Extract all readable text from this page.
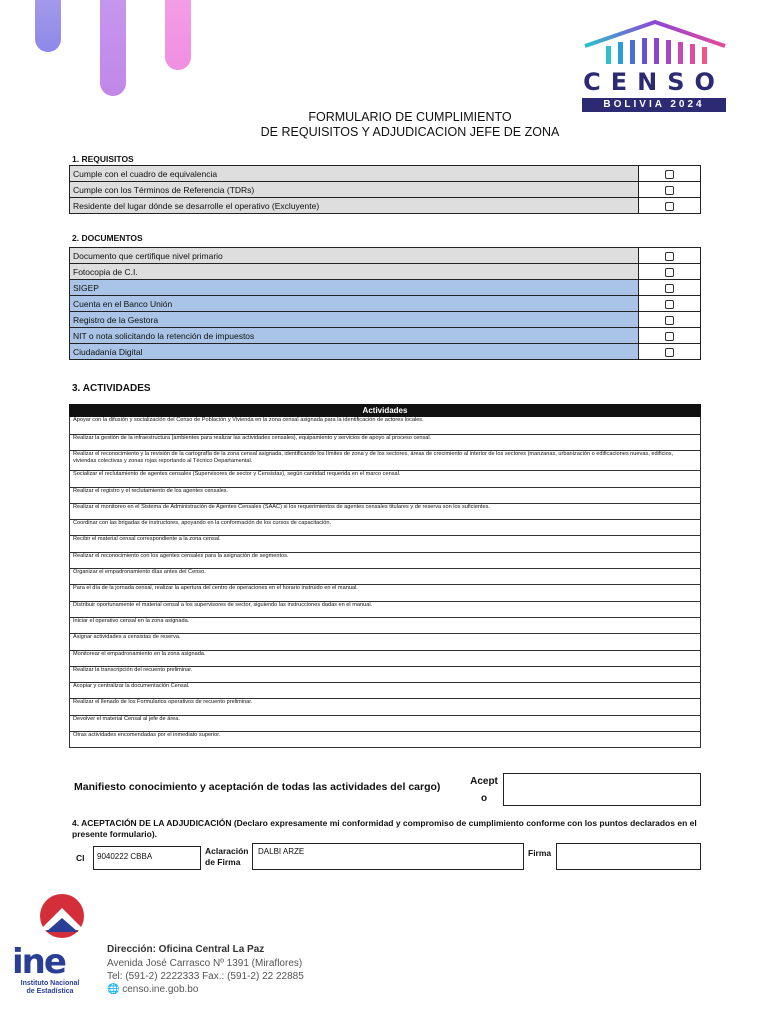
CENSO
BOLIVIA 2024
FORMULARIO DE CUMPLIMIENTO
DE REQUISITOS Y ADJUDICACION JEFE DE ZONA
1. REQUISITOS
Cumple con el cuadro de equivalencia	
Cumple con los Términos de Referencia (TDRs)	
Residente del lugar dónde se desarrolle el operativo (Excluyente)	
2. DOCUMENTOS
Documento que certifique nivel primario	
Fotocopia de C.I.	
SIGEP	
Cuenta en el Banco Unión	
Registro de la Gestora	
NIT o nota solicitando la retención de impuestos	
Ciudadanía Digital	
3. ACTIVIDADES
Actividades
Apoyar con la difusión y socialización del Censo de Población y Vivienda en la zona censal asignada para la identificación de actores locales.
Realizar la gestión de la infraestructura (ambientes para realizar las actividades censales), equipamiento y servicios de apoyo al proceso censal.
Realizar el reconocimiento y la revisión de la cartografía de la zona censal asignada, identificando los límites de zona y de los sectores, áreas de crecimiento al interior de los sectores (manzanas, urbanización o edificaciones nuevas, edificios, viviendas colectivas y zonas rojas reportando al Técnico Departamental.
Socializar el reclutamiento de agentes censales (Supervisores de sector y Censistas), según cantidad requerida en el marco censal.
Realizar el registro y el reclutamiento de los agentes censales.
Realizar el monitoreo en el Sistema de Administración de Agentes Censales (SAAC) si los requerimientos de agentes censales titulares y de reserva son los suficientes.
Coordinar con las brigadas de instructores, apoyando en la conformación de los cursos de capacitación.
Recibir el material censal correspondiente a la zona censal.
Realizar el reconocimiento con los agentes censales para la asignación de segmentos.
Organizar el empadronamiento días antes del Censo.
Para el día de la jornada censal, realizar la apertura del centro de operaciones en el horario instruido en el manual.
Distribuir oportunamente el material censal a los supervisores de sector, siguiendo las instrucciones dadas en el manual.
Iniciar el operativo censal en la zona asignada.
Asignar actividades a censistas de reserva.
Monitorear el empadronamiento en la zona asignada.
Realizar la transcripción del recuento preliminar.
Acopiar y centralizar la documentación Censal.
Realizar el llenado de los Formularios operativos de recuento preliminar.
Devolver el material Censal al jefe de área.
Otras actividades encomendadas por el inmediato superior.
Manifiesto conocimiento y aceptación de todas las actividades del cargo)	Acept
o
4. ACEPTACIÓN DE LA ADJUDICACIÓN (Declaro expresamente mi conformidad y compromiso de cumplimiento conforme con los puntos declarados en el presente formulario).
CI 9040222 CBBA
Aclaración
de Firma
DALBI ARZE	Firma
ine
Instituto Nacional
de Estadística
Dirección: Oficina Central La Paz
Avenida José Carrasco Nº 1391 (Miraflores)
Tel: (591-2) 2222333 Fax.: (591-2) 22 22885
🌐 censo.ine.gob.bo
